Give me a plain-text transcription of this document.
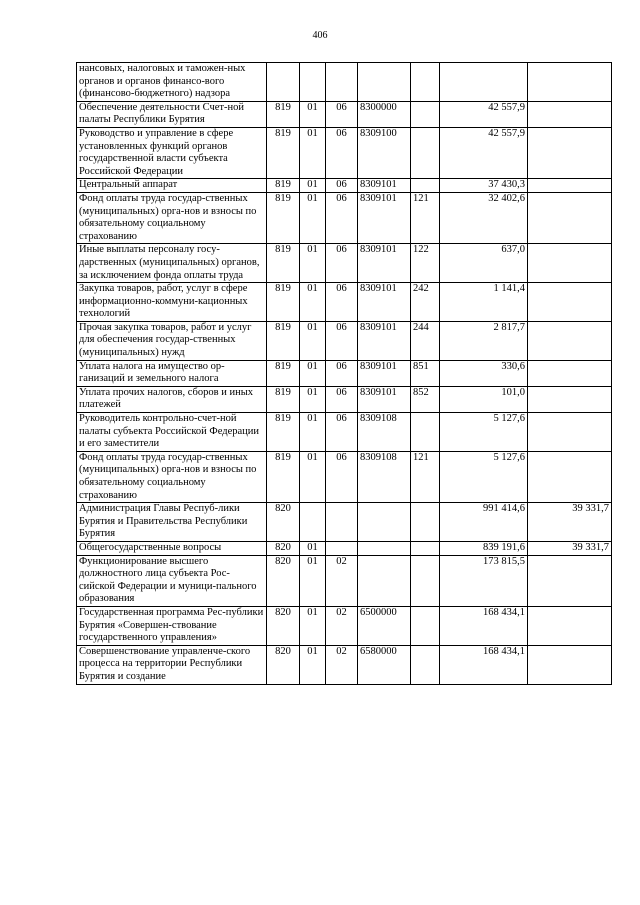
406
нансовых, налоговых и таможен-ных органов и органов финансо-вого (финансово-бюджетного) надзора							
Обеспечение деятельности Счет-ной палаты Республики Бурятия	819	01	06	8300000		42 557,9	
Руководство и управление в сфере установленных функций органов государственной власти субъекта Российской Федерации	819	01	06	8309100		42 557,9	
Центральный аппарат	819	01	06	8309101		37 430,3	
Фонд оплаты труда государ-ственных (муниципальных) орга-нов и взносы по обязательному социальному страхованию	819	01	06	8309101	121	32 402,6	
Иные выплаты персоналу госу-дарственных (муниципальных) органов, за исключением фонда оплаты труда	819	01	06	8309101	122	637,0	
Закупка товаров, работ, услуг в сфере информационно-коммуни-кационных технологий	819	01	06	8309101	242	1 141,4	
Прочая закупка товаров, работ и услуг для обеспечения государ-ственных (муниципальных) нужд	819	01	06	8309101	244	2 817,7	
Уплата налога на имущество ор-ганизаций и земельного налога	819	01	06	8309101	851	330,6	
Уплата прочих налогов, сборов и иных платежей	819	01	06	8309101	852	101,0	
Руководитель контрольно-счет-ной палаты субъекта Российской Федерации и его заместители	819	01	06	8309108		5 127,6	
Фонд оплаты труда государ-ственных (муниципальных) орга-нов и взносы по обязательному социальному страхованию	819	01	06	8309108	121	5 127,6	
Администрация Главы Респуб-лики Бурятия и Правительства Республики Бурятия	820					991 414,6	39 331,7
Общегосударственные вопросы	820	01				839 191,6	39 331,7
Функционирование высшего должностного лица субъекта Рос-сийской Федерации и муници-пального образования	820	01	02			173 815,5	
Государственная программа Рес-публики Бурятия «Совершен-ствование государственного управления»	820	01	02	6500000		168 434,1	
Совершенствование управленче-ского процесса на территории Республики Бурятия и создание	820	01	02	6580000		168 434,1	
